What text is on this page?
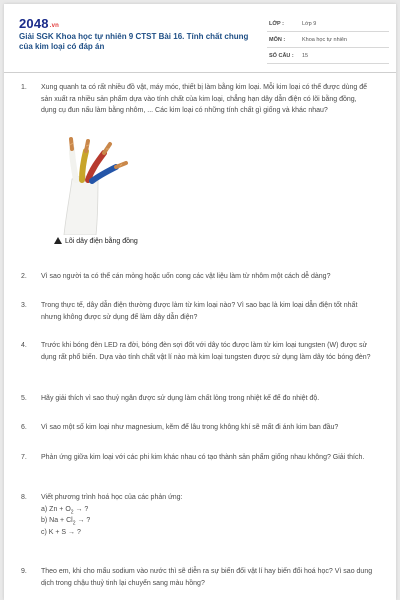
2048.vn
Giải SGK Khoa học tự nhiên 9 CTST Bài 16. Tính chất chung của kim loại có đáp án
LỚP :	Lớp 9
MÔN :	Khoa học tự nhiên
SỐ CÂU : 15
1. Xung quanh ta có rất nhiều đồ vật, máy móc, thiết bị làm bằng kim loại. Mỗi kim loại có thể được dùng để sản xuất ra nhiều sản phẩm dựa vào tính chất của kim loại, chẳng hạn dây dẫn điện có lõi bằng đồng, dụng cụ đun nấu làm bằng nhôm, ... Các kim loại có những tính chất gì giống và khác nhau?
Lõi dây điện bằng đồng
2. Vì sao người ta có thể cán mỏng hoặc uốn cong các vật liệu làm từ nhôm một cách dễ dàng?
3. Trong thực tế, dây dẫn điện thường được làm từ kim loại nào? Vì sao bạc là kim loại dẫn điện tốt nhất nhưng không được sử dụng để làm dây dẫn điện?
4. Trước khi bóng đèn LED ra đời, bóng đèn sợi đốt với dây tóc được làm từ kim loại tungsten (W) được sử dụng rất phổ biến. Dựa vào tính chất vật lí nào mà kim loại tungsten được sử dụng làm dây tóc bóng đèn?
5. Hãy giải thích vì sao thuỷ ngân được sử dụng làm chất lỏng trong nhiệt kế để đo nhiệt độ.
6. Vì sao một số kim loại như magnesium, kẽm để lâu trong không khí sẽ mất đi ánh kim ban đầu?
7. Phản ứng giữa kim loại với các phi kim khác nhau có tạo thành sản phẩm giống nhau không? Giải thích.
8. Viết phương trình hoá học của các phản ứng:
a) $Zn + O_2$ → ?
b) $Na + Cl_2$ → ?
c) K + S → ?
9. Theo em, khi cho mẩu sodium vào nước thì sẽ diễn ra sự biến đổi vật lí hay biến đổi hoá học? Vì sao dung dịch trong chậu thuỷ tinh lại chuyển sang màu hồng?
